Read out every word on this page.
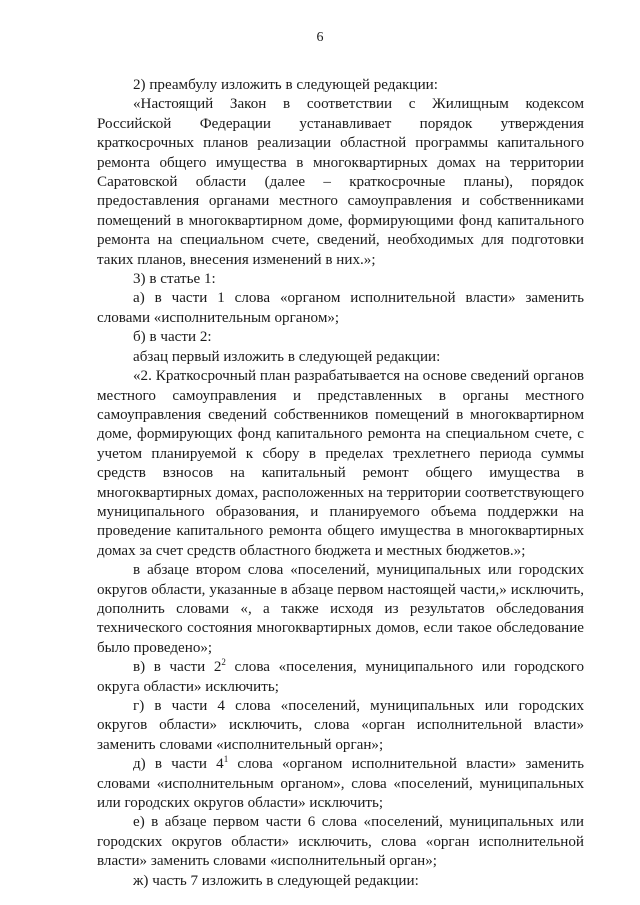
6

2) преамбулу изложить в следующей редакции:

«Настоящий Закон в соответствии с Жилищным кодексом Российской Федерации устанавливает порядок утверждения краткосрочных планов реализации областной программы капитального ремонта общего имущества в многоквартирных домах на территории Саратовской области (далее – краткосрочные планы), порядок предоставления органами местного самоуправления и собственниками помещений в многоквартирном доме, формирующими фонд капитального ремонта на специальном счете, сведений, необходимых для подготовки таких планов, внесения изменений в них.»;

3) в статье 1:

а) в части 1 слова «органом исполнительной власти» заменить словами «исполнительным органом»;

б) в части 2:

абзац первый изложить в следующей редакции:

«2. Краткосрочный план разрабатывается на основе сведений органов местного самоуправления и представленных в органы местного самоуправления сведений собственников помещений в многоквартирном доме, формирующих фонд капитального ремонта на специальном счете, с учетом планируемой к сбору в пределах трехлетнего периода суммы средств взносов на капитальный ремонт общего имущества в многоквартирных домах, расположенных на территории соответствующего муниципального образования, и планируемого объема поддержки на проведение капитального ремонта общего имущества в многоквартирных домах за счет средств областного бюджета и местных бюджетов.»;

в абзаце втором слова «поселений, муниципальных или городских округов области, указанные в абзаце первом настоящей части,» исключить, дополнить словами «, а также исходя из результатов обследования технического состояния многоквартирных домов, если такое обследование было проведено»;

в) в части $2^2$ слова «поселения, муниципального или городского округа области» исключить;

г) в части 4 слова «поселений, муниципальных или городских округов области» исключить, слова «орган исполнительной власти» заменить словами «исполнительный орган»;

д) в части $4^1$ слова «органом исполнительной власти» заменить словами «исполнительным органом», слова «поселений, муниципальных или городских округов области» исключить;

е) в абзаце первом части 6 слова «поселений, муниципальных или городских округов области» исключить, слова «орган исполнительной власти» заменить словами «исполнительный орган»;

ж) часть 7 изложить в следующей редакции:
